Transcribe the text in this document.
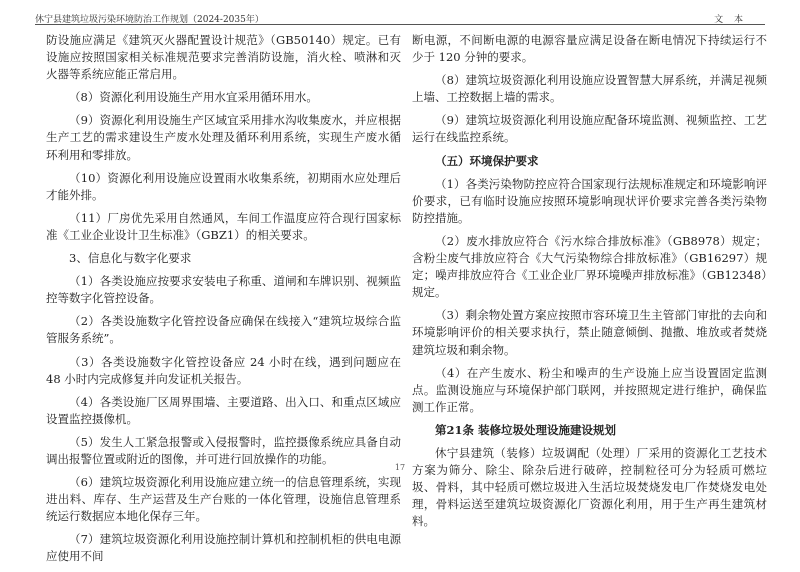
休宁县建筑垃圾污染环境防治工作规划（2024-2035年）	文 本

防设施应满足《建筑灭火器配置设计规范》（GB50140）规定。已有设施应按照国家相关标准规范要求完善消防设施，消火栓、喷淋和灭火器等系统应能正常启用。

（8）资源化利用设施生产用水宜采用循环用水。

（9）资源化利用设施生产区域宜采用排水沟收集废水，并应根据生产工艺的需求建设生产废水处理及循环利用系统，实现生产废水循环利用和零排放。

（10）资源化利用设施应设置雨水收集系统，初期雨水应处理后才能外排。

（11）厂房优先采用自然通风，车间工作温度应符合现行国家标准《工业企业设计卫生标准》（GBZ1）的相关要求。

3、信息化与数字化要求

（1）各类设施应按要求安装电子称重、道闸和车牌识别、视频监控等数字化管控设备。

（2）各类设施数字化管控设备应确保在线接入“建筑垃圾综合监管服务系统”。

（3）各类设施数字化管控设备应 24 小时在线，遇到问题应在 48 小时内完成修复并向发证机关报告。

（4）各类设施厂区周界围墙、主要道路、出入口、和重点区域应设置监控摄像机。

（5）发生人工紧急报警或入侵报警时，监控摄像系统应具备自动调出报警位置或附近的图像，并可进行回放操作的功能。

（6）建筑垃圾资源化利用设施应建立统一的信息管理系统，实现进出料、库存、生产运营及生产台账的一体化管理，设施信息管理系统运行数据应本地化保存三年。

（7）建筑垃圾资源化利用设施控制计算机和控制机柜的供电电源应使用不间

断电源，不间断电源的电源容量应满足设备在断电情况下持续运行不少于 120 分钟的要求。

（8）建筑垃圾资源化利用设施应设置智慧大屏系统，并满足视频上墙、工控数据上墙的需求。

（9）建筑垃圾资源化利用设施应配备环境监测、视频监控、工艺运行在线监控系统。

（五）环境保护要求

（1）各类污染物防控应符合国家现行法规标准规定和环境影响评价要求，已有临时设施应按照环境影响现状评价要求完善各类污染物防控措施。

（2）废水排放应符合《污水综合排放标准》（GB8978）规定；含粉尘废气排放应符合《大气污染物综合排放标准》（GB16297）规定；噪声排放应符合《工业企业厂界环境噪声排放标准》（GB12348）规定。

（3）剩余物处置方案应按照市容环境卫生主管部门审批的去向和环境影响评价的相关要求执行，禁止随意倾倒、抛撒、堆放或者焚烧建筑垃圾和剩余物。

（4）在产生废水、粉尘和噪声的生产设施上应当设置固定监测点。监测设施应与环境保护部门联网，并按照规定进行维护，确保监测工作正常。

第21条 装修垃圾处理设施建设规划

休宁县建筑（装修）垃圾调配（处理）厂采用的资源化工艺技术方案为筛分、除尘、除杂后进行破碎，控制粒径可分为轻质可燃垃圾、骨料，其中轻质可燃垃圾进入生活垃圾焚烧发电厂作焚烧发电处理，骨料运送至建筑垃圾资源化厂资源化利用，用于生产再生建筑材料。

17
